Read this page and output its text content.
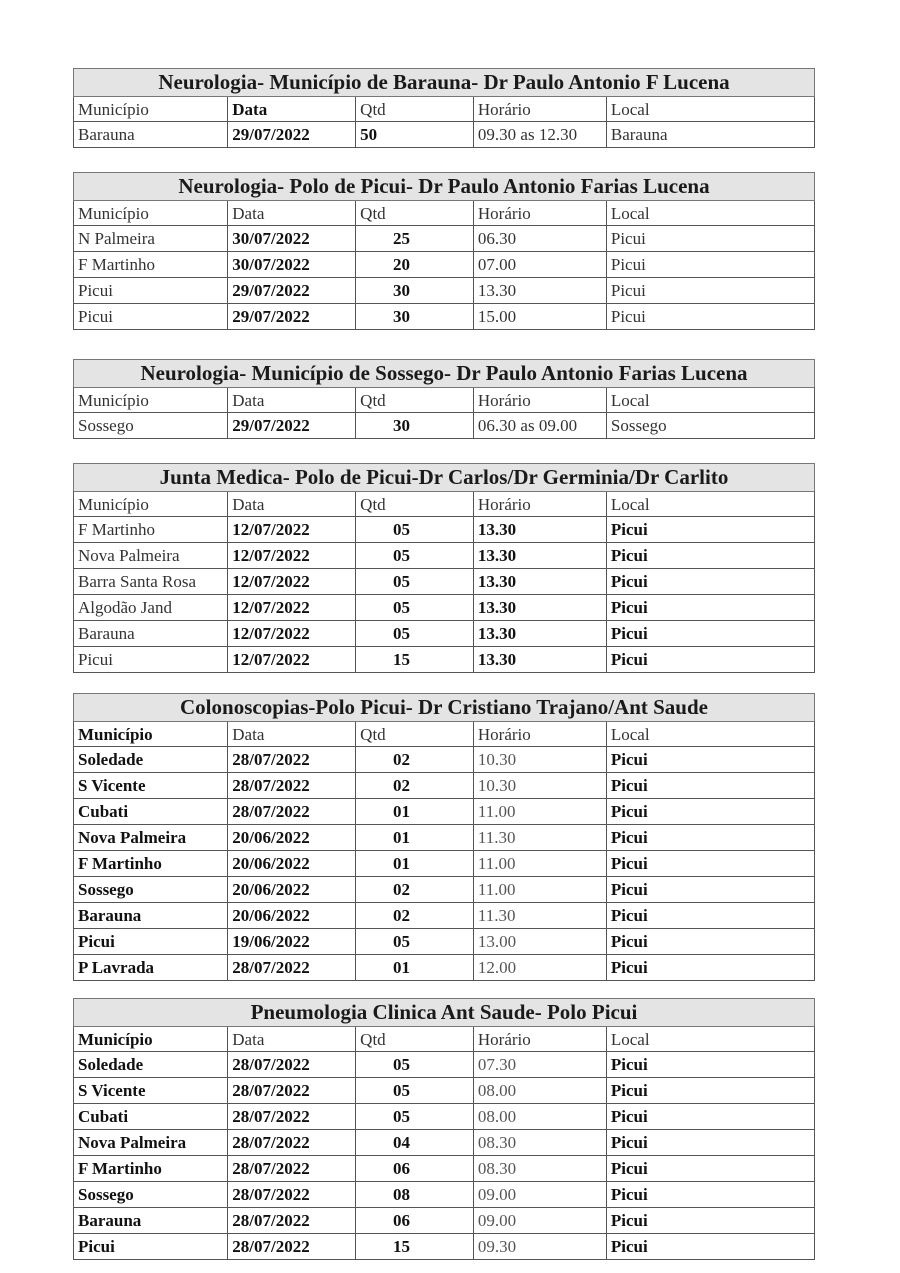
Neurologia- Município de Barauna- Dr Paulo Antonio F Lucena				
Município	Data	Qtd	Horário	Local
Barauna	29/07/2022	50	09.30 as 12.30	Barauna
Neurologia- Polo de Picui- Dr Paulo Antonio Farias Lucena				
Município	Data	Qtd	Horário	Local
N Palmeira	30/07/2022	25	06.30	Picui
F Martinho	30/07/2022	20	07.00	Picui
Picui	29/07/2022	30	13.30	Picui
Picui	29/07/2022	30	15.00	Picui
Neurologia- Município de Sossego- Dr Paulo Antonio Farias Lucena				
Município	Data	Qtd	Horário	Local
Sossego	29/07/2022	30	06.30 as 09.00	Sossego
Junta Medica- Polo de Picui-Dr Carlos/Dr Germinia/Dr Carlito				
Município	Data	Qtd	Horário	Local
F Martinho	12/07/2022	05	13.30	Picui
Nova Palmeira	12/07/2022	05	13.30	Picui
Barra Santa Rosa	12/07/2022	05	13.30	Picui
Algodão Jand	12/07/2022	05	13.30	Picui
Barauna	12/07/2022	05	13.30	Picui
Picui	12/07/2022	15	13.30	Picui
Colonoscopias-Polo Picui- Dr Cristiano Trajano/Ant Saude				
Município	Data	Qtd	Horário	Local
Soledade	28/07/2022	02	10.30	Picui
S Vicente	28/07/2022	02	10.30	Picui
Cubati	28/07/2022	01	11.00	Picui
Nova Palmeira	20/06/2022	01	11.30	Picui
F Martinho	20/06/2022	01	11.00	Picui
Sossego	20/06/2022	02	11.00	Picui
Barauna	20/06/2022	02	11.30	Picui
Picui	19/06/2022	05	13.00	Picui
P Lavrada	28/07/2022	01	12.00	Picui
Pneumologia Clinica Ant Saude- Polo Picui				
Município	Data	Qtd	Horário	Local
Soledade	28/07/2022	05	07.30	Picui
S Vicente	28/07/2022	05	08.00	Picui
Cubati	28/07/2022	05	08.00	Picui
Nova Palmeira	28/07/2022	04	08.30	Picui
F Martinho	28/07/2022	06	08.30	Picui
Sossego	28/07/2022	08	09.00	Picui
Barauna	28/07/2022	06	09.00	Picui
Picui	28/07/2022	15	09.30	Picui
